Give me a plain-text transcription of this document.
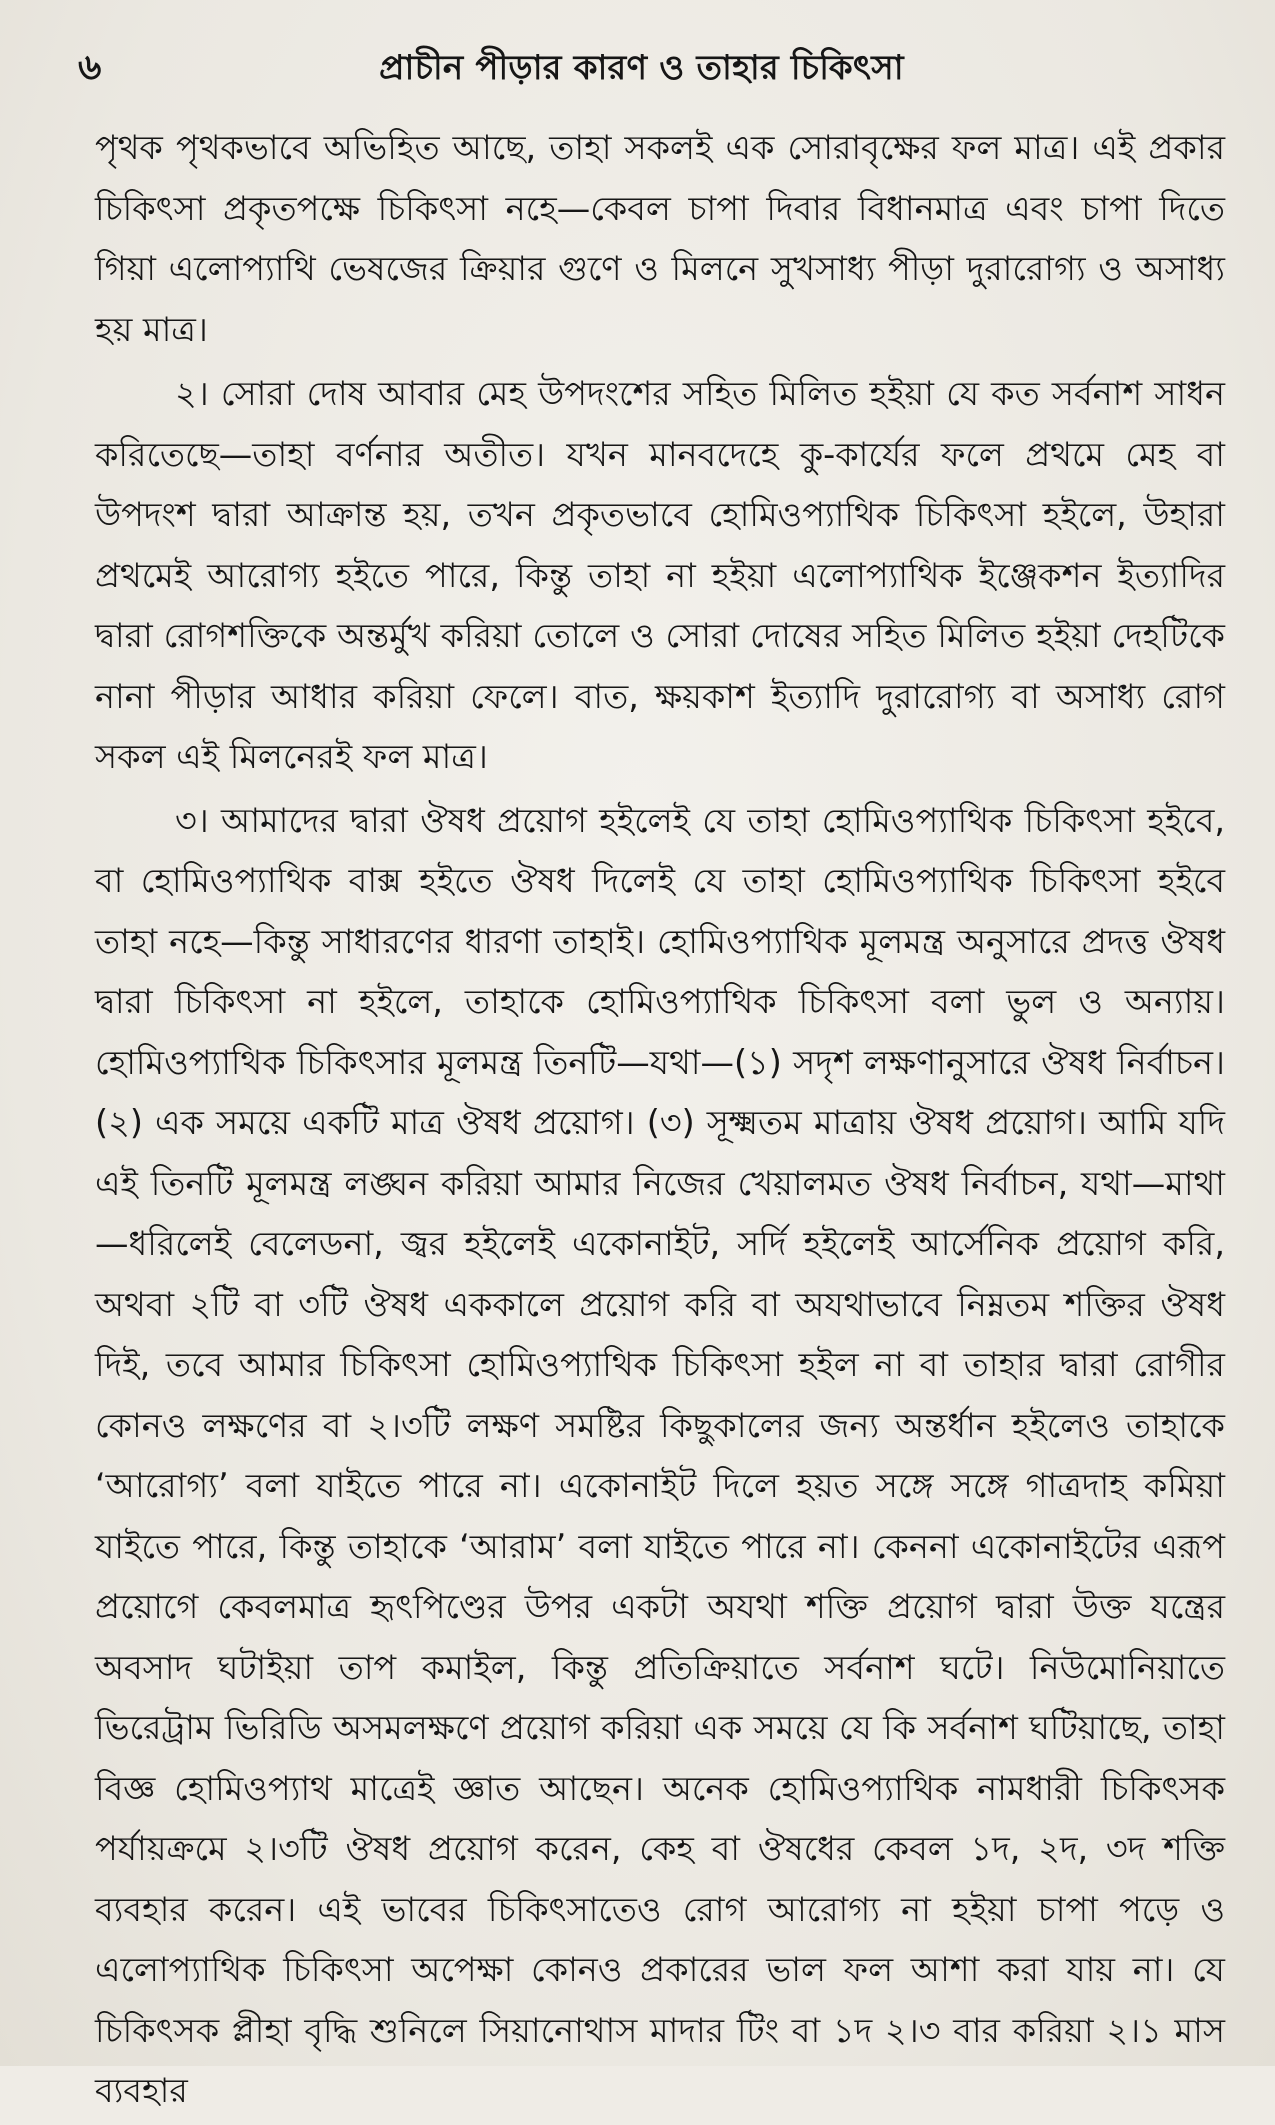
৬	প্রাচীন পীড়ার কারণ ও তাহার চিকিৎসা

পৃথক পৃথকভাবে অভিহিত আছে, তাহা সকলই এক সোরাবৃক্ষের ফল মাত্র। এই প্রকার চিকিৎসা প্রকৃতপক্ষে চিকিৎসা নহে—কেবল চাপা দিবার বিধানমাত্র এবং চাপা দিতে গিয়া এলোপ্যাথি ভেষজের ক্রিয়ার গুণে ও মিলনে সুখসাধ্য পীড়া দুরারোগ্য ও অসাধ্য হয় মাত্র।

২। সোরা দোষ আবার মেহ উপদংশের সহিত মিলিত হইয়া যে কত সর্বনাশ সাধন করিতেছে—তাহা বর্ণনার অতীত। যখন মানবদেহে কু-কার্যের ফলে প্রথমে মেহ বা উপদংশ দ্বারা আক্রান্ত হয়, তখন প্রকৃতভাবে হোমিওপ্যাথিক চিকিৎসা হইলে, উহারা প্রথমেই আরোগ্য হইতে পারে, কিন্তু তাহা না হইয়া এলোপ্যাথিক ইঞ্জেকশন ইত্যাদির দ্বারা রোগশক্তিকে অন্তর্মুখ করিয়া তোলে ও সোরা দোষের সহিত মিলিত হইয়া দেহটিকে নানা পীড়ার আধার করিয়া ফেলে। বাত, ক্ষয়কাশ ইত্যাদি দুরারোগ্য বা অসাধ্য রোগ সকল এই মিলনেরই ফল মাত্র।

৩। আমাদের দ্বারা ঔষধ প্রয়োগ হইলেই যে তাহা হোমিওপ্যাথিক চিকিৎসা হইবে, বা হোমিওপ্যাথিক বাক্স হইতে ঔষধ দিলেই যে তাহা হোমিওপ্যাথিক চিকিৎসা হইবে তাহা নহে—কিন্তু সাধারণের ধারণা তাহাই। হোমিওপ্যাথিক মূলমন্ত্র অনুসারে প্রদত্ত ঔষধ দ্বারা চিকিৎসা না হইলে, তাহাকে হোমিওপ্যাথিক চিকিৎসা বলা ভুল ও অন্যায়। হোমিওপ্যাথিক চিকিৎসার মূলমন্ত্র তিনটি—যথা—(১) সদৃশ লক্ষণানুসারে ঔষধ নির্বাচন। (২) এক সময়ে একটি মাত্র ঔষধ প্রয়োগ। (৩) সূক্ষ্মতম মাত্রায় ঔষধ প্রয়োগ। আমি যদি এই তিনটি মূলমন্ত্র লঙ্ঘন করিয়া আমার নিজের খেয়ালমত ঔষধ নির্বাচন, যথা—মাথা—ধরিলেই বেলেডনা, জ্বর হইলেই একোনাইট, সর্দি হইলেই আর্সেনিক প্রয়োগ করি, অথবা ২টি বা ৩টি ঔষধ এককালে প্রয়োগ করি বা অযথাভাবে নিম্নতম শক্তির ঔষধ দিই, তবে আমার চিকিৎসা হোমিওপ্যাথিক চিকিৎসা হইল না বা তাহার দ্বারা রোগীর কোনও লক্ষণের বা ২।৩টি লক্ষণ সমষ্টির কিছুকালের জন্য অন্তর্ধান হইলেও তাহাকে ‘আরোগ্য’ বলা যাইতে পারে না। একোনাইট দিলে হয়ত সঙ্গে সঙ্গে গাত্রদাহ কমিয়া যাইতে পারে, কিন্তু তাহাকে ‘আরাম’ বলা যাইতে পারে না। কেননা একোনাইটের এরূপ প্রয়োগে কেবলমাত্র হৃৎপিণ্ডের উপর একটা অযথা শক্তি প্রয়োগ দ্বারা উক্ত যন্ত্রের অবসাদ ঘটাইয়া তাপ কমাইল, কিন্তু প্রতিক্রিয়াতে সর্বনাশ ঘটে। নিউমোনিয়াতে ভিরেট্রাম ভিরিডি অসমলক্ষণে প্রয়োগ করিয়া এক সময়ে যে কি সর্বনাশ ঘটিয়াছে, তাহা বিজ্ঞ হোমিওপ্যাথ মাত্রেই জ্ঞাত আছেন। অনেক হোমিওপ্যাথিক নামধারী চিকিৎসক পর্যায়ক্রমে ২।৩টি ঔষধ প্রয়োগ করেন, কেহ বা ঔষধের কেবল ১দ, ২দ, ৩দ শক্তি ব্যবহার করেন। এই ভাবের চিকিৎসাতেও রোগ আরোগ্য না হইয়া চাপা পড়ে ও এলোপ্যাথিক চিকিৎসা অপেক্ষা কোনও প্রকারের ভাল ফল আশা করা যায় না। যে চিকিৎসক প্লীহা বৃদ্ধি শুনিলে সিয়ানোথাস মাদার টিং বা ১দ ২।৩ বার করিয়া ২।১ মাস ব্যবহার
